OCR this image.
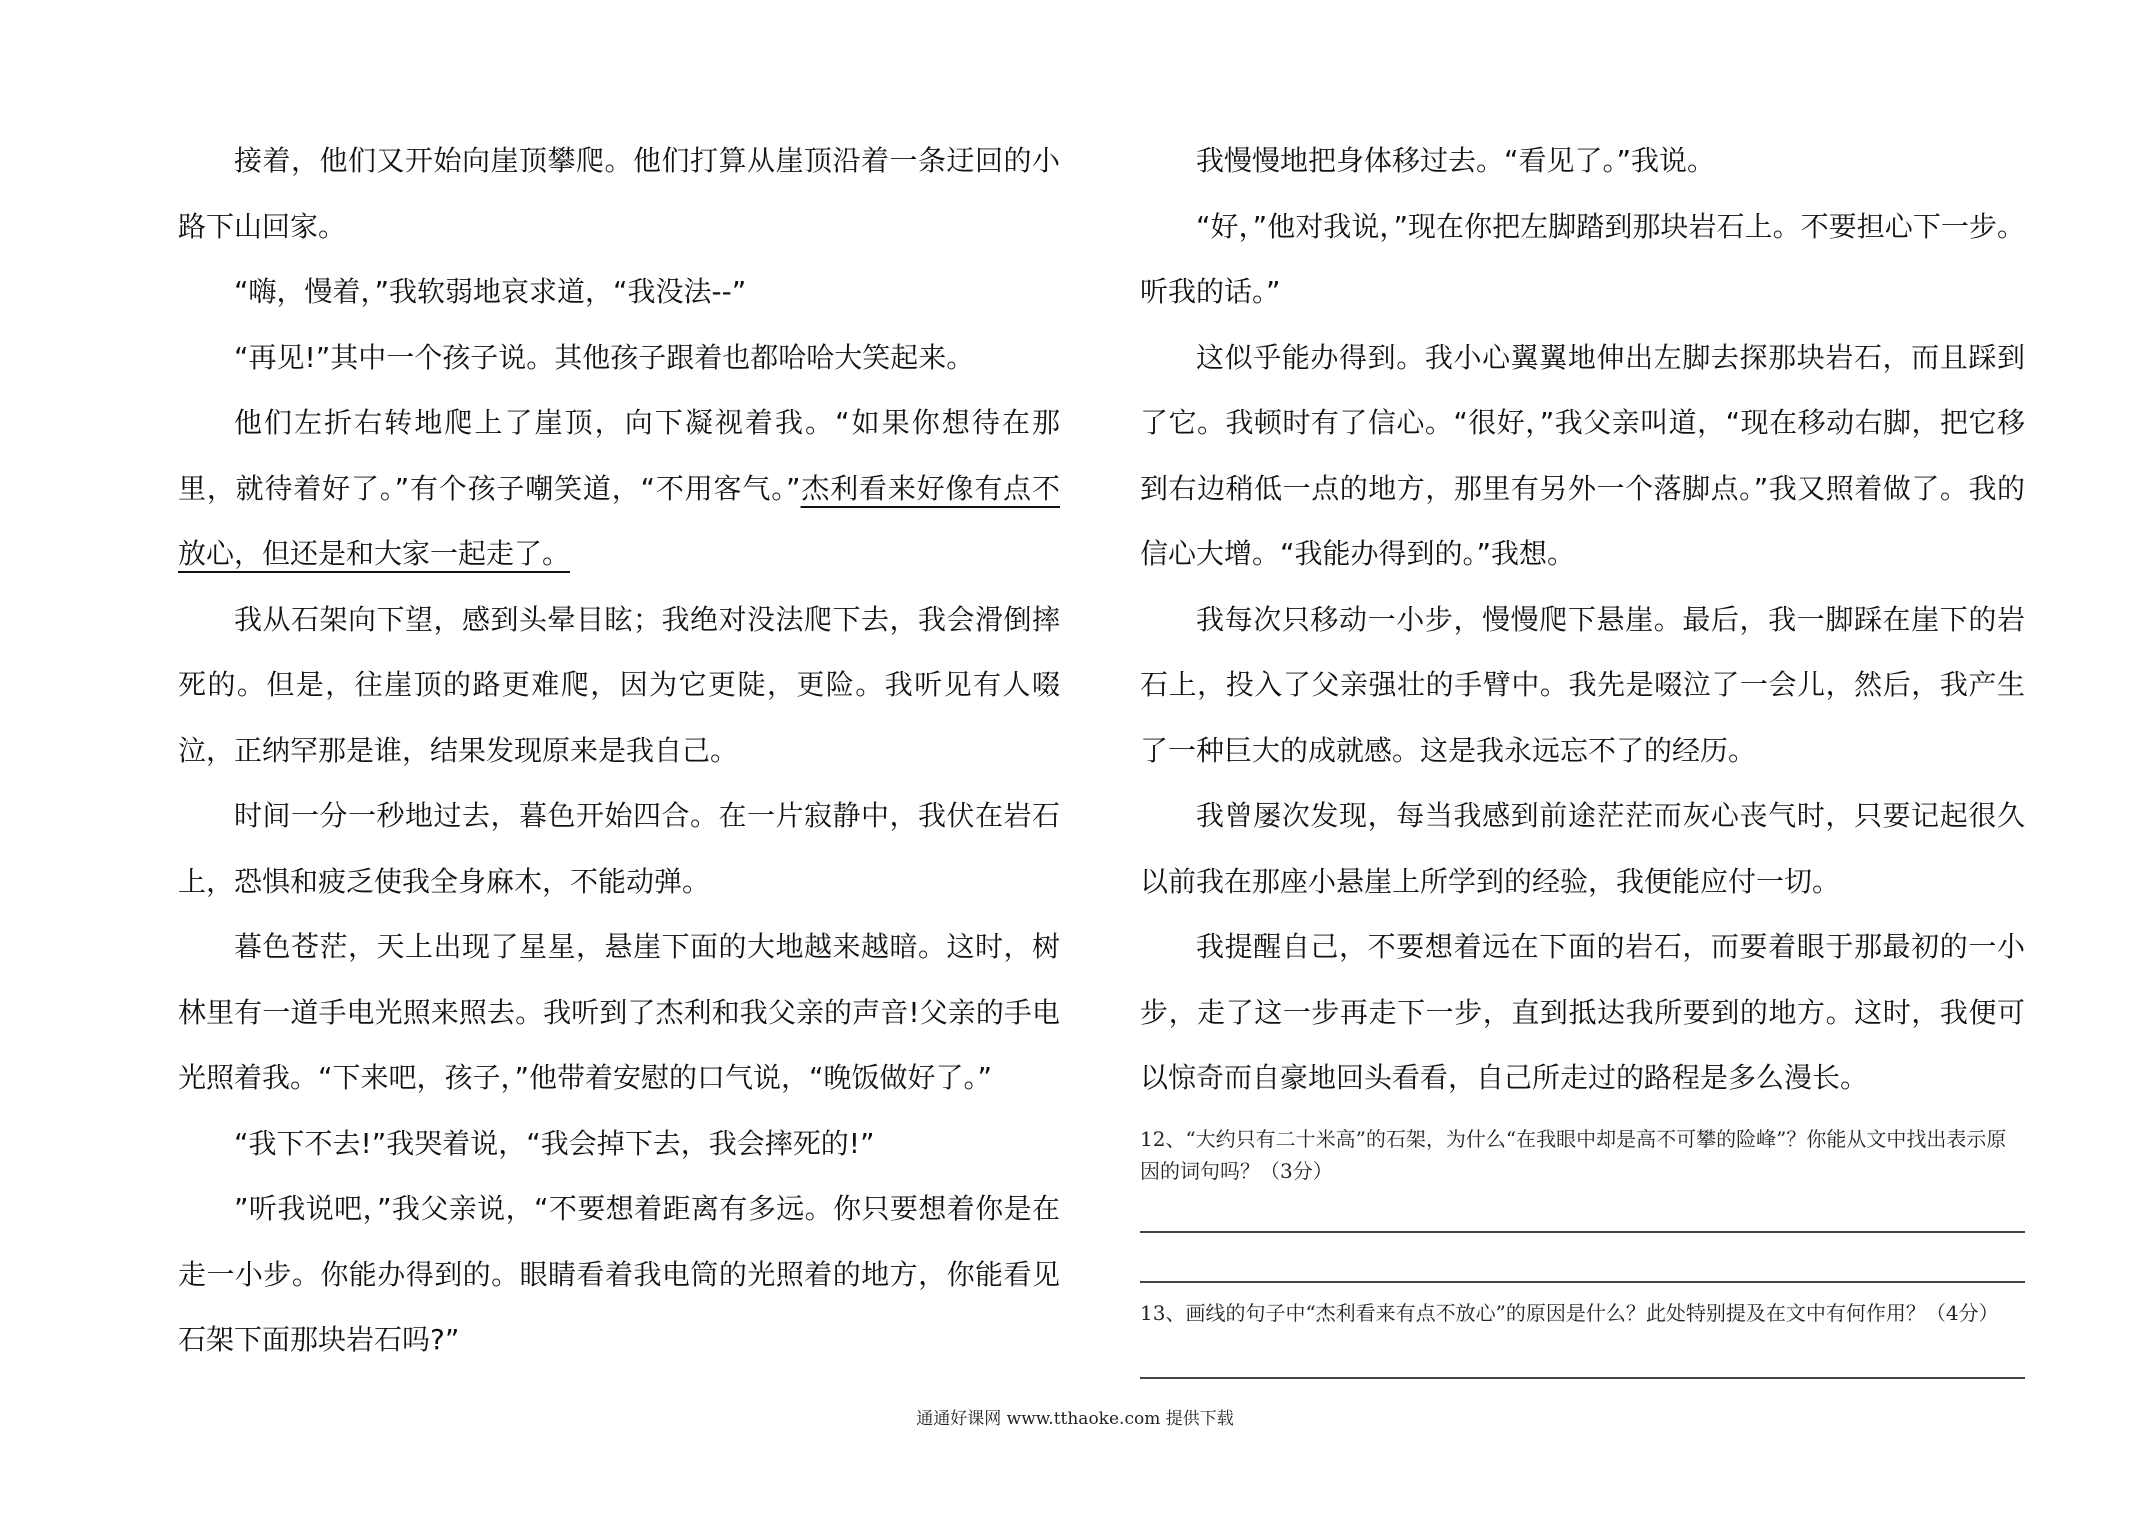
接着，他们又开始向崖顶攀爬。他们打算从崖顶沿着一条迂回的小路下山回家。

“嗨，慢着，”我软弱地哀求道，“我没法--”

“再见!”其中一个孩子说。其他孩子跟着也都哈哈大笑起来。

他们左折右转地爬上了崖顶，向下凝视着我。“如果你想待在那里，就待着好了。”有个孩子嘲笑道，“不用客气。”杰利看来好像有点不放心，但还是和大家一起走了。

我从石架向下望，感到头晕目眩；我绝对没法爬下去，我会滑倒摔死的。但是，往崖顶的路更难爬，因为它更陡，更险。我听见有人啜泣，正纳罕那是谁，结果发现原来是我自己。

时间一分一秒地过去，暮色开始四合。在一片寂静中，我伏在岩石上，恐惧和疲乏使我全身麻木，不能动弹。

暮色苍茫，天上出现了星星，悬崖下面的大地越来越暗。这时，树林里有一道手电光照来照去。我听到了杰利和我父亲的声音!父亲的手电光照着我。“下来吧，孩子，”他带着安慰的口气说，“晚饭做好了。”

“我下不去!”我哭着说，“我会掉下去，我会摔死的!”

”听我说吧，”我父亲说，“不要想着距离有多远。你只要想着你是在走一小步。你能办得到的。眼睛看着我电筒的光照着的地方，你能看见石架下面那块岩石吗?”

我慢慢地把身体移过去。“看见了。”我说。

“好，”他对我说，”现在你把左脚踏到那块岩石上。不要担心下一步。听我的话。”

这似乎能办得到。我小心翼翼地伸出左脚去探那块岩石，而且踩到了它。我顿时有了信心。“很好，”我父亲叫道，“现在移动右脚，把它移到右边稍低一点的地方，那里有另外一个落脚点。”我又照着做了。我的信心大增。“我能办得到的。”我想。

我每次只移动一小步，慢慢爬下悬崖。最后，我一脚踩在崖下的岩石上，投入了父亲强壮的手臂中。我先是啜泣了一会儿，然后，我产生了一种巨大的成就感。这是我永远忘不了的经历。

我曾屡次发现，每当我感到前途茫茫而灰心丧气时，只要记起很久以前我在那座小悬崖上所学到的经验，我便能应付一切。

我提醒自己，不要想着远在下面的岩石，而要着眼于那最初的一小步，走了这一步再走下一步，直到抵达我所要到的地方。这时，我便可以惊奇而自豪地回头看看，自己所走过的路程是多么漫长。

12、“大约只有二十米高”的石架，为什么“在我眼中却是高不可攀的险峰”？你能从文中找出表示原因的词句吗？（3分）

13、画线的句子中“杰利看来有点不放心”的原因是什么？此处特别提及在文中有何作用？（4分）

通通好课网 www.tthaoke.com 提供下载
